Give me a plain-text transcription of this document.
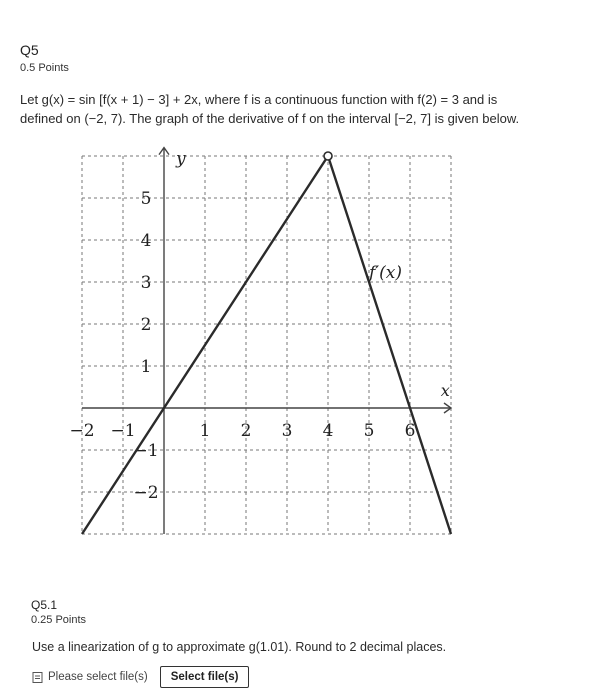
Q5
0.5 Points
Let g(x) = sin [f(x + 1) − 3] + 2x, where f is a continuous function with f(2) = 3 and is
defined on (−2, 7). The graph of the derivative of f on the interval [−2, 7] is given below.
−2 −1	1 2 3 4 5 6
5
4
3
2
1
−1
−2
y
x
f′(x)
Q5.1
0.25 Points
Use a linearization of g to approximate g(1.01). Round to 2 decimal places.
Please select file(s)	Select file(s)
